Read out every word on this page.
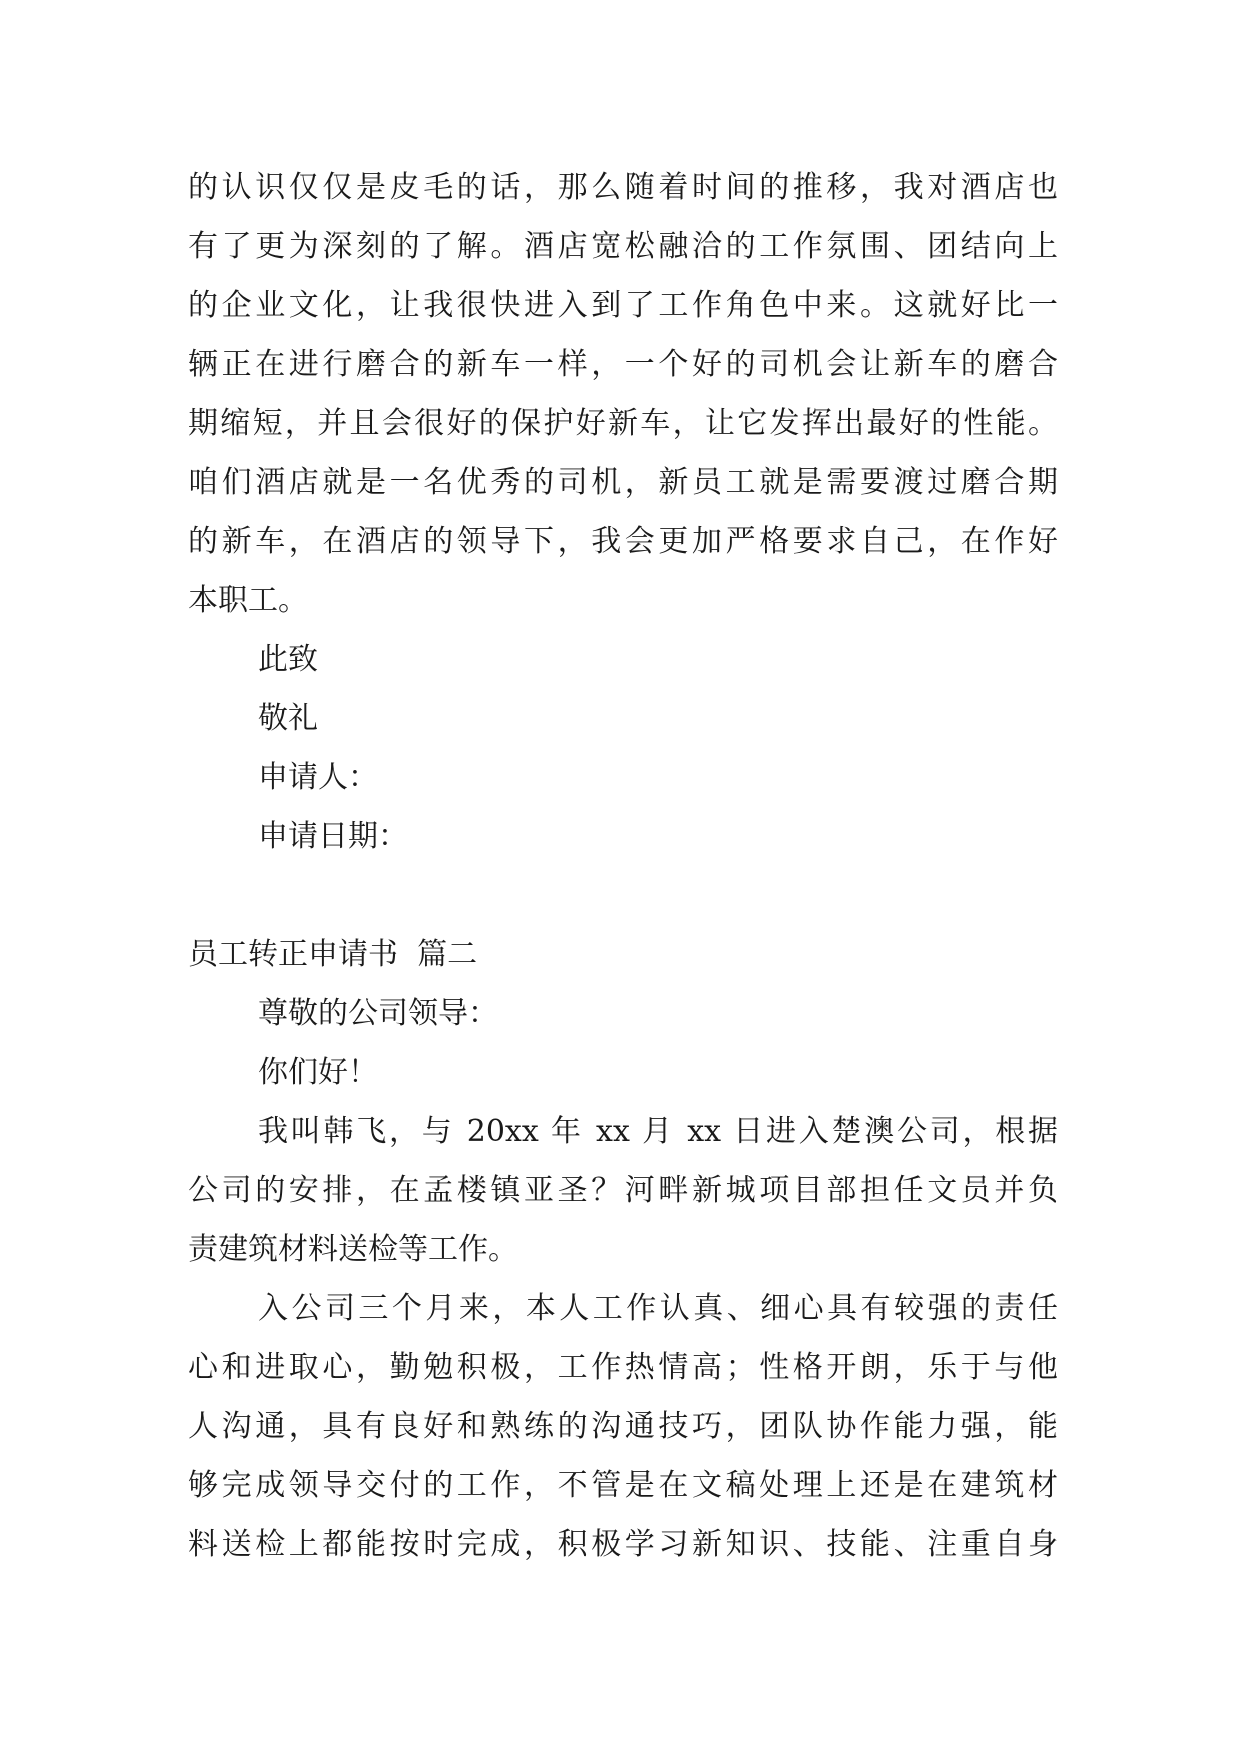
的认识仅仅是皮毛的话，那么随着时间的推移，我对酒店也
有了更为深刻的了解。酒店宽松融洽的工作氛围、团结向上
的企业文化，让我很快进入到了工作角色中来。这就好比一
辆正在进行磨合的新车一样，一个好的司机会让新车的磨合
期缩短，并且会很好的保护好新车，让它发挥出最好的性能。
咱们酒店就是一名优秀的司机，新员工就是需要渡过磨合期
的新车，在酒店的领导下，我会更加严格要求自己，在作好
本职工。
此致
敬礼
申请人：
申请日期：
员工转正申请书  篇二
尊敬的公司领导：
你们好！
我叫韩飞，与 20xx 年 xx 月 xx 日进入楚澳公司，根据
公司的安排，在孟楼镇亚圣？河畔新城项目部担任文员并负
责建筑材料送检等工作。
入公司三个月来，本人工作认真、细心具有较强的责任
心和进取心，勤勉积极，工作热情高；性格开朗，乐于与他
人沟通，具有良好和熟练的沟通技巧，团队协作能力强，能
够完成领导交付的工作，不管是在文稿处理上还是在建筑材
料送检上都能按时完成，积极学习新知识、技能、注重自身
